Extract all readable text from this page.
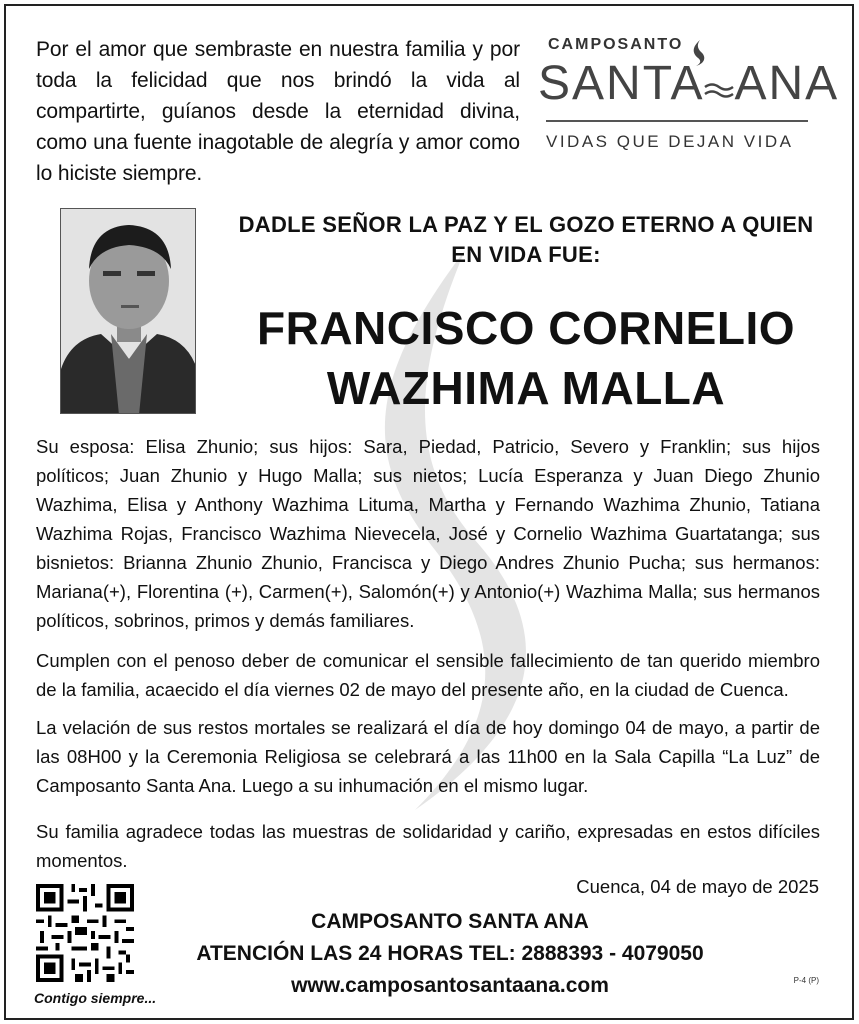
Por el amor que sembraste en nuestra familia y por toda la felicidad que nos brindó la vida al compartirte, guíanos desde la eternidad divina, como una fuente inagotable de alegría y amor como lo hiciste siempre.

CAMPOSANTO
SANTA ANA
VIDAS QUE DEJAN VIDA
DADLE SEÑOR LA PAZ Y EL GOZO ETERNO A QUIEN EN VIDA FUE:
FRANCISCO CORNELIO WAZHIMA MALLA

Su esposa: Elisa Zhunio; sus hijos: Sara, Piedad, Patricio, Severo y Franklin; sus hijos políticos; Juan Zhunio y Hugo Malla; sus nietos; Lucía Esperanza y Juan Diego Zhunio Wazhima, Elisa y Anthony Wazhima Lituma, Martha y Fernando Wazhima Zhunio, Tatiana Wazhima Rojas, Francisco Wazhima Nievecela, José y Cornelio Wazhima Guartatanga; sus bisnietos: Brianna Zhunio Zhunio, Francisca y Diego Andres Zhunio Pucha; sus hermanos: Mariana(+), Florentina (+), Carmen(+), Salomón(+) y Antonio(+) Wazhima Malla; sus hermanos políticos, sobrinos, primos y demás familiares.

Cumplen con el penoso deber de comunicar el sensible fallecimiento de tan querido miembro de la familia, acaecido el día viernes 02 de mayo del presente año, en la ciudad de Cuenca.

La velación de sus restos mortales se realizará el día de hoy domingo 04 de mayo, a partir de las 08H00 y la Ceremonia Religiosa se celebrará a las 11h00 en la Sala Capilla “La Luz” de Camposanto Santa Ana. Luego a su inhumación en el mismo lugar.

Su familia agradece todas las muestras de solidaridad y cariño, expresadas en estos difíciles momentos.

Cuenca, 04 de mayo de 2025
Contigo siempre...
CAMPOSANTO SANTA ANA
ATENCIÓN LAS 24 HORAS TEL: 2888393 - 4079050
www.camposantosantaana.com	P-4 (P)
